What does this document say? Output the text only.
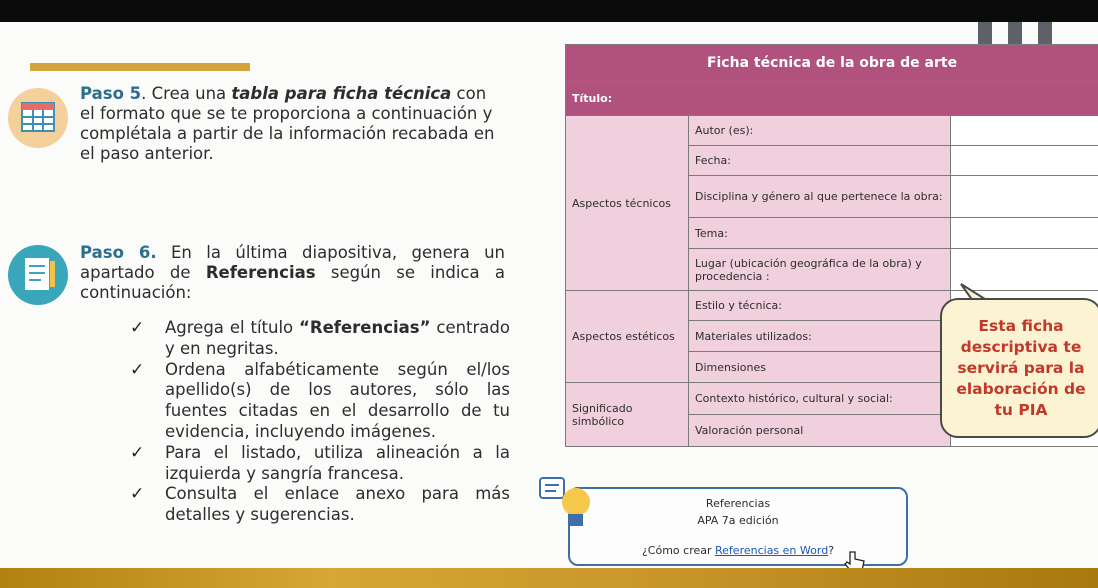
Paso 5. Crea una tabla para ficha técnica con el formato que se te proporciona a continuación y complétala a partir de la información recabada en el paso anterior.
Paso 6. En la última diapositiva, genera un apartado de Referencias según se indica a continuación:
✓ Agrega el título “Referencias” centrado y en negritas.
✓ Ordena alfabéticamente según el/los apellido(s) de los autores, sólo las fuentes citadas en el desarrollo de tu evidencia, incluyendo imágenes.
✓ Para el listado, utiliza alineación a la izquierda y sangría francesa.
✓ Consulta el enlace anexo para más detalles y sugerencias.
Ficha técnica de la obra de arte		
Título:		
Aspectos técnicos	Autor (es):	
	Fecha:	
	Disciplina y género al que pertenece la obra:	
	Tema:	
	Lugar (ubicación geográfica de la obra) y procedencia :	
Aspectos estéticos	Estilo y técnica:	
	Materiales utilizados:	
	Dimensiones	
Significado simbólico	Contexto histórico, cultural y social:	
	Valoración personal	
Esta ficha
descriptiva te
servirá para la
elaboración de
tu PIA
Referencias
APA 7a edición
¿Cómo crear Referencias en Word?
